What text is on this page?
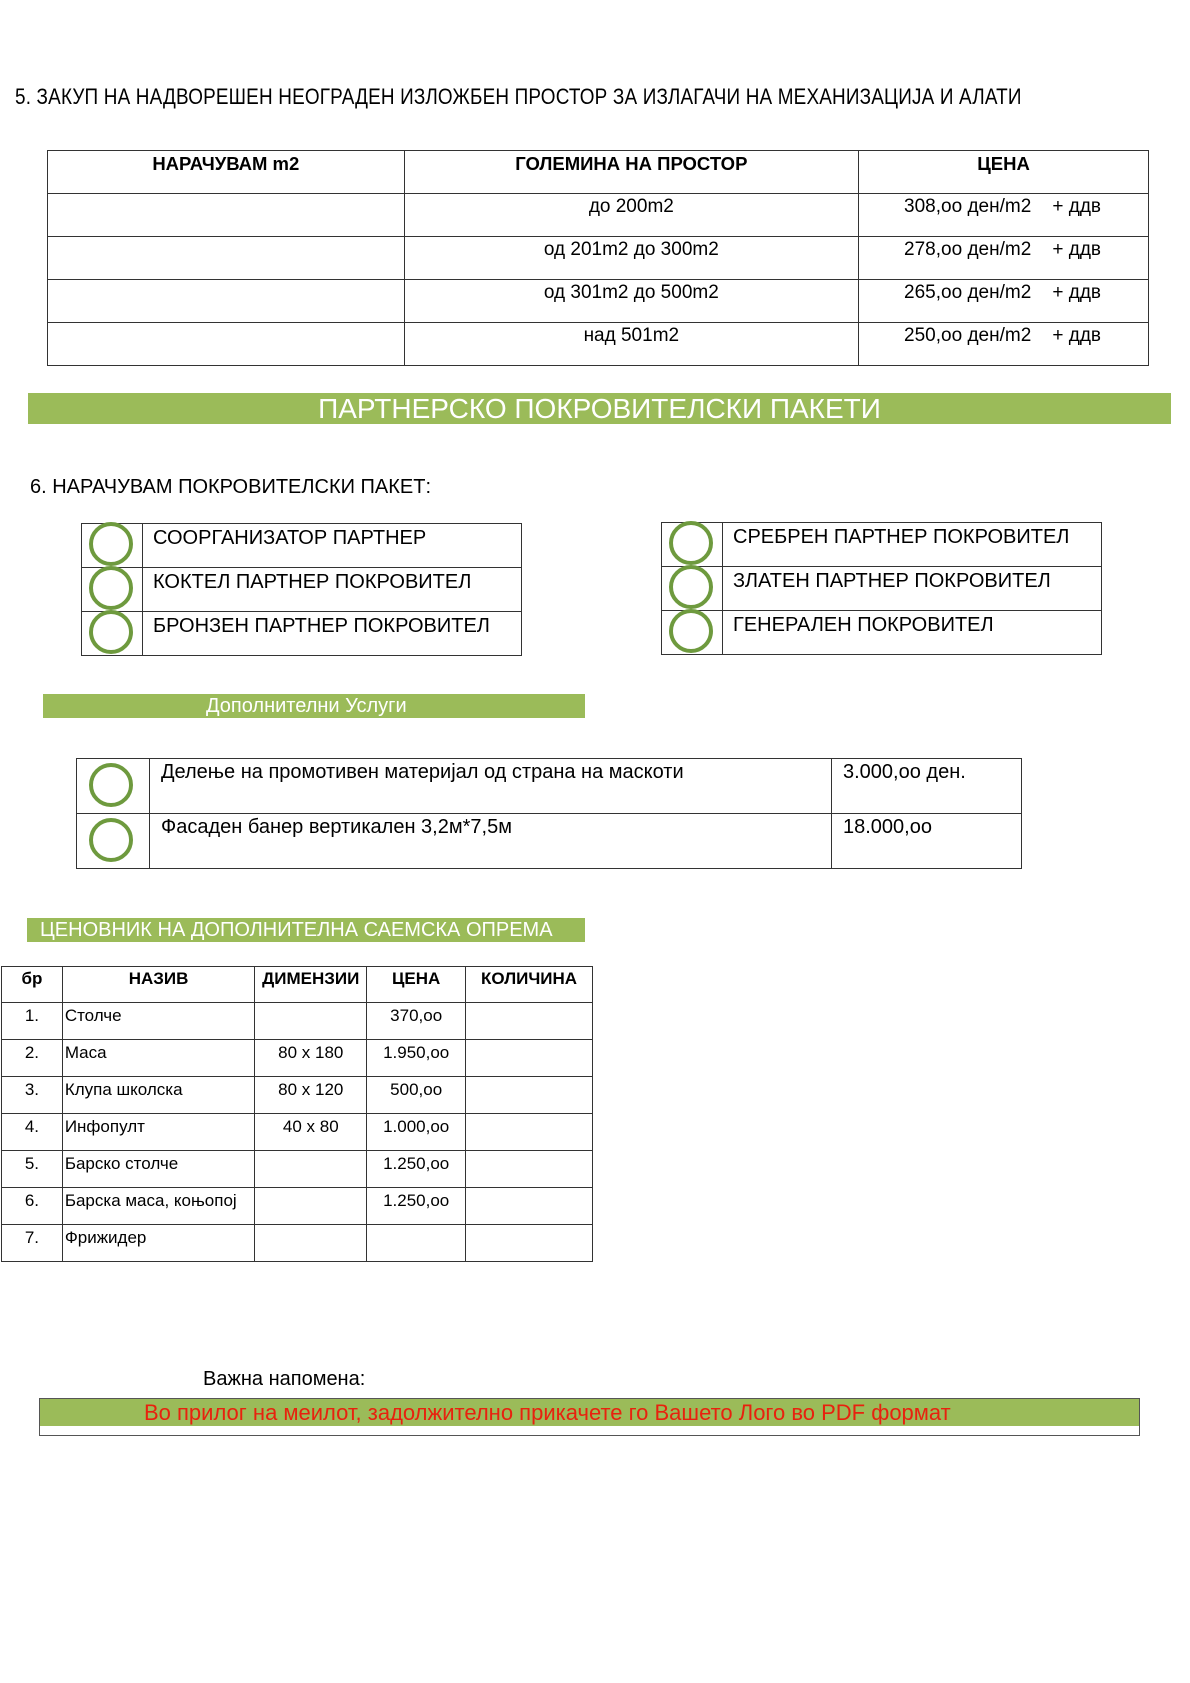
5. ЗАКУП НА НАДВОРЕШЕН НЕОГРАДЕН ИЗЛОЖБЕН ПРОСТОР ЗА ИЗЛАГАЧИ НА МЕХАНИЗАЦИЈА И АЛАТИ
НАРАЧУВАМ m2	ГОЛЕМИНА НА ПРОСТОР	ЦЕНА
	до 200m2	308,оо ден/m2    + ддв
	од 201m2 до 300m2	278,оо ден/m2    + ддв
	од 301m2 до 500m2	265,оо ден/m2    + ддв
	над 501m2	250,оо ден/m2    + ддв
ПАРТНЕРСКО ПОКРОВИТЕЛСКИ ПАКЕТИ
6. НАРАЧУВАМ ПОКРОВИТЕЛСКИ ПАКЕТ:
	СООРГАНИЗАТОР ПАРТНЕР

	КОКТЕЛ ПАРТНЕР ПОКРОВИТЕЛ

	БРОНЗЕН ПАРТНЕР ПОКРОВИТЕЛ
	СРЕБРЕН ПАРТНЕР ПОКРОВИТЕЛ

	ЗЛАТЕН ПАРТНЕР ПОКРОВИТЕЛ

	ГЕНЕРАЛЕН ПОКРОВИТЕЛ
Дополнителни Услуги
	Делење на промотивен материјал од страна на маскоти	3.000,оо ден.

	Фасаден банер вертикален 3,2м*7,5м	18.000,оо
ЦЕНОВНИК НА ДОПОЛНИТЕЛНА САЕМСКА ОПРЕМА
бр	НАЗИВ	ДИМЕНЗИИ	ЦЕНА	КОЛИЧИНА
1.	Столче		370,оо	
2.	Маса	80 x 180	1.950,оо	
3.	Клупа школска	80 x 120	500,оо	
4.	Инфопулт	40 x 80	1.000,оо	
5.	Барско столче		1.250,оо	
6.	Барска маса, коњопој		1.250,оо	
7.	Фрижидер			
Важна напомена:
Во прилог на меилот, задолжително прикачете го Вашето Лого во PDF формат
